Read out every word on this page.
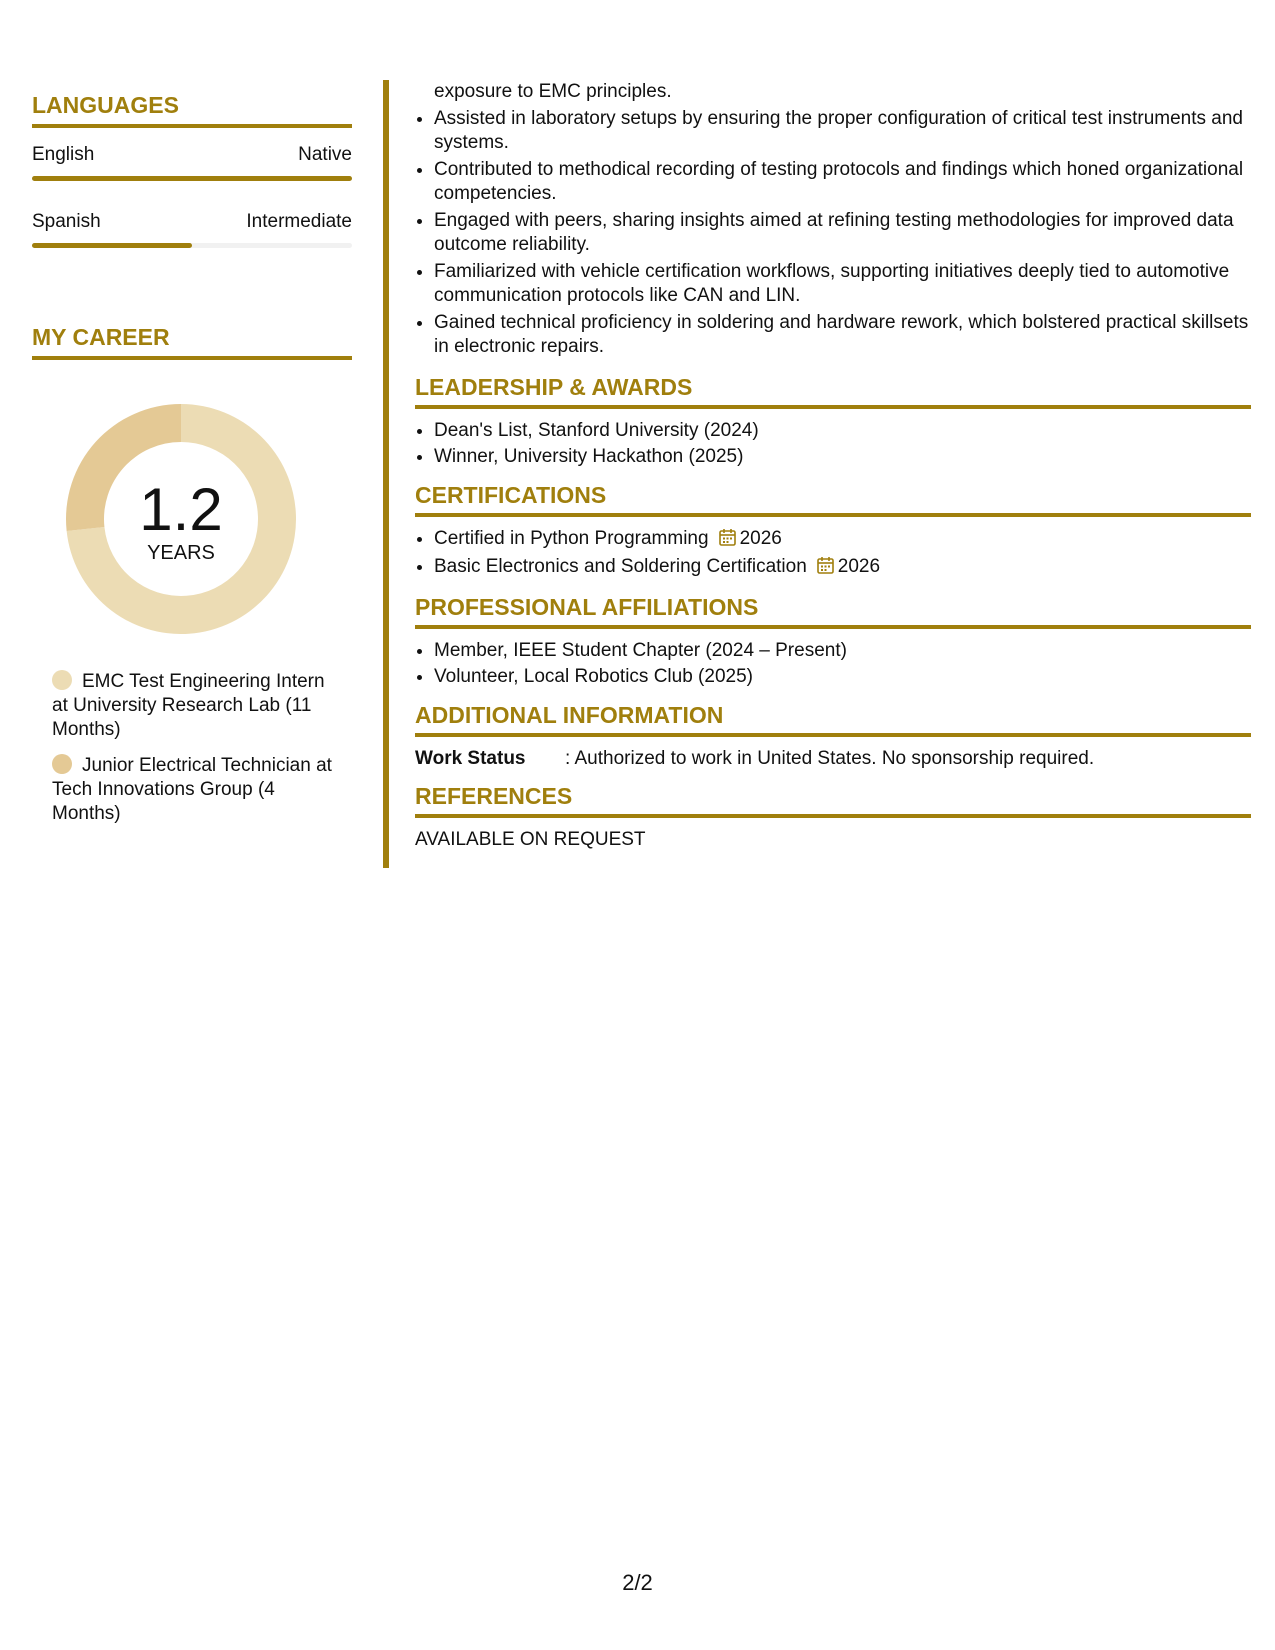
LANGUAGES
English	Native
Spanish	Intermediate
MY CAREER
1.2
YEARS
EMC Test Engineering Intern at University Research Lab (11 Months)
Junior Electrical Technician at Tech Innovations Group (4 Months)
exposure to EMC principles.
• Assisted in laboratory setups by ensuring the proper configuration of critical test instruments and systems.
• Contributed to methodical recording of testing protocols and findings which honed organizational competencies.
• Engaged with peers, sharing insights aimed at refining testing methodologies for improved data outcome reliability.
• Familiarized with vehicle certification workflows, supporting initiatives deeply tied to automotive communication protocols like CAN and LIN.
• Gained technical proficiency in soldering and hardware rework, which bolstered practical skillsets in electronic repairs.
LEADERSHIP & AWARDS
• Dean's List, Stanford University (2024)
• Winner, University Hackathon (2025)
CERTIFICATIONS
• Certified in Python Programming 2026
• Basic Electronics and Soldering Certification 2026
PROFESSIONAL AFFILIATIONS
• Member, IEEE Student Chapter (2024 – Present)
• Volunteer, Local Robotics Club (2025)
ADDITIONAL INFORMATION
Work Status	: Authorized to work in United States. No sponsorship required.
REFERENCES
AVAILABLE ON REQUEST
2/2
